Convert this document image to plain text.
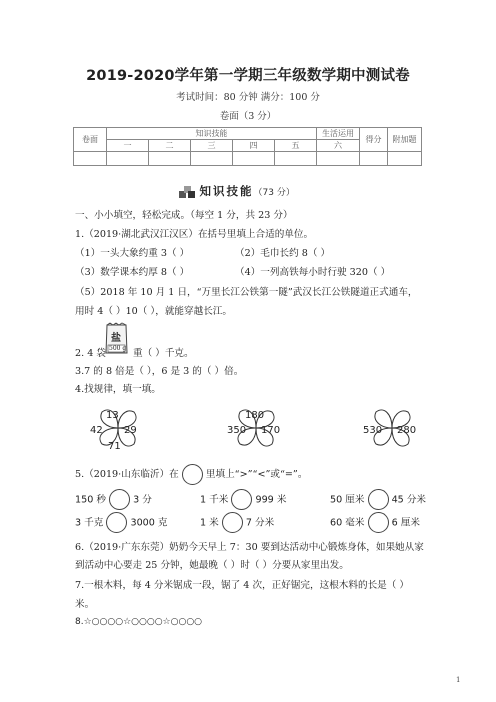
2019-2020学年第一学期三年级数学期中测试卷
考试时间：80 分钟 满分：100 分
卷面（3 分）
卷面	知识技能					生活运用	得分	附加题
	一	二	三	四	五	六		

知识技能（73 分）
一、小小填空，轻松完成。（每空 1 分，共 23 分）
1.（2019·湖北武汉江汉区）在括号里填上合适的单位。
（1）一头大象约重 3（ ）	（2）毛巾长约 8（ ）
（3）数学课本约厚 8（ ）	（4）一列高铁每小时行驶 320（ ）
（5）2018 年 10 月 1 日，“万里长江公铁第一隧”武汉长江公铁隧道正式通车，
用时 4（ ）10（ ），就能穿越长江。
2. 4 袋
盐
500 g 重（ ）千克。
3.7 的 8 倍是（ ），6 是 3 的（ ）倍。
4.找规律，填一填。
13
42 29
71
180
350 170	530 280
5.（2019·山东临沂）在	里填上“>”“<”或“=”。
150 秒	3 分	1 千米	999 米	50 厘米	45 分米
3 千克	3000 克	1 米	7 分米	60 毫米	6 厘米
6.（2019·广东东莞）奶奶今天早上 7：30 要到达活动中心锻炼身体，如果她从家
到活动中心要走 25 分钟，她最晚（ ）时（ ）分要从家里出发。
7.一根木料，每 4 分米锯成一段，锯了 4 次，正好锯完，这根木料的长是（ ）
米。
8.☆○○○○☆○○○○☆○○○○
1
